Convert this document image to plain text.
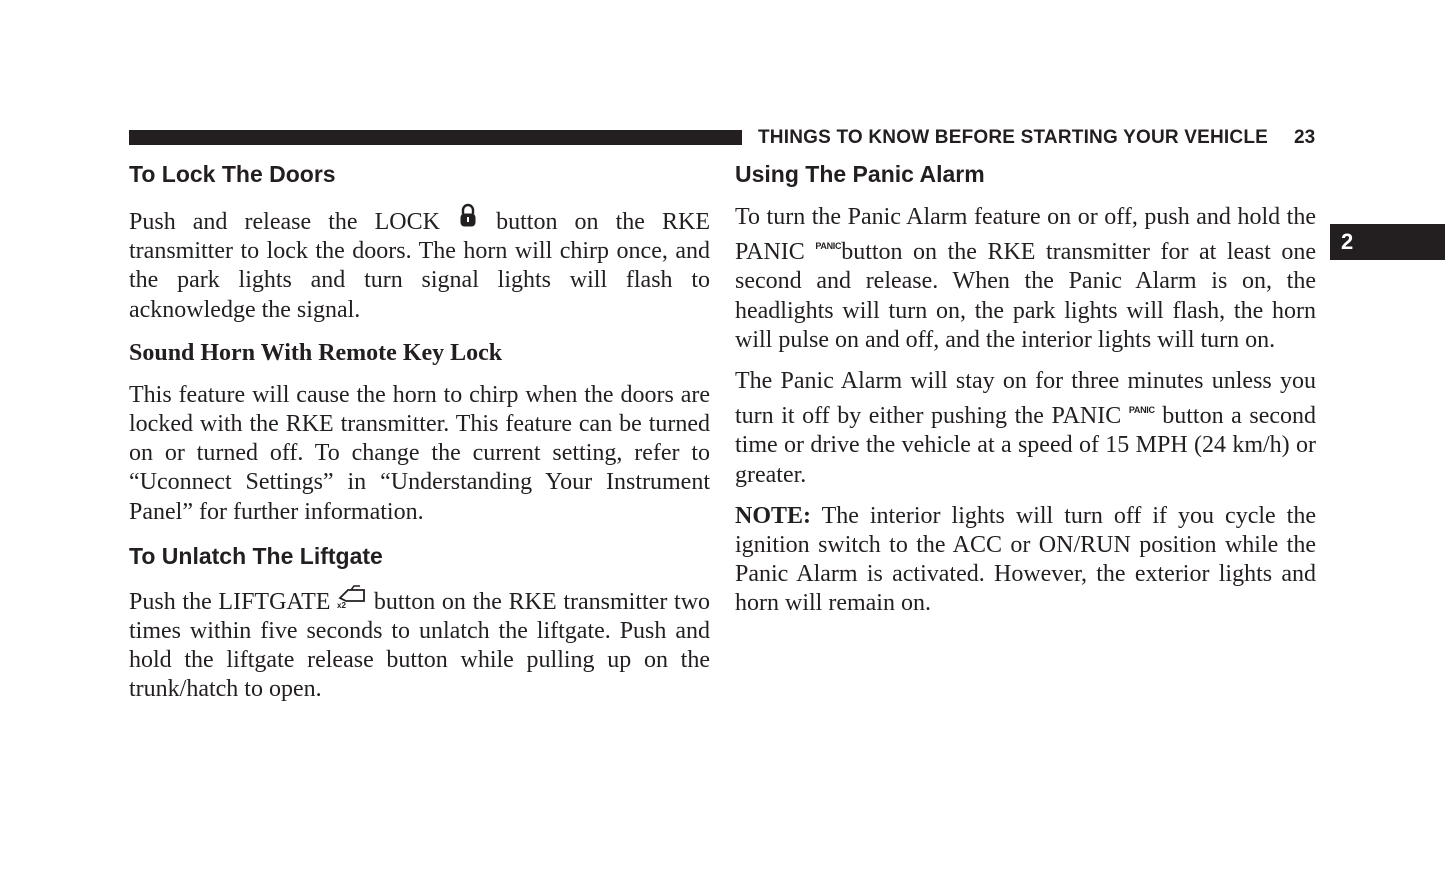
THINGS TO KNOW BEFORE STARTING YOUR VEHICLE 23
2
To Lock The Doors

Push and release the LOCK button on the RKE transmitter to lock the doors. The horn will chirp once, and the park lights and turn signal lights will flash to acknowledge the signal.

Sound Horn With Remote Key Lock

This feature will cause the horn to chirp when the doors are locked with the RKE transmitter. This feature can be turned on or turned off. To change the current setting, refer to “Uconnect Settings” in “Understanding Your Instrument Panel” for further information.

To Unlatch The Liftgate

Push the LIFTGATE x2 button on the RKE transmitter two times within five seconds to unlatch the liftgate. Push and hold the liftgate release button while pulling up on the trunk/hatch to open.

Using The Panic Alarm

To turn the Panic Alarm feature on or off, push and hold the PANIC PANICbutton on the RKE transmitter for at least one second and release. When the Panic Alarm is on, the headlights will turn on, the park lights will flash, the horn will pulse on and off, and the interior lights will turn on.

The Panic Alarm will stay on for three minutes unless you turn it off by either pushing the PANIC PANIC button a second time or drive the vehicle at a speed of 15 MPH (24 km/h) or greater.

NOTE: The interior lights will turn off if you cycle the ignition switch to the ACC or ON/RUN position while the Panic Alarm is activated. However, the exterior lights and horn will remain on.
